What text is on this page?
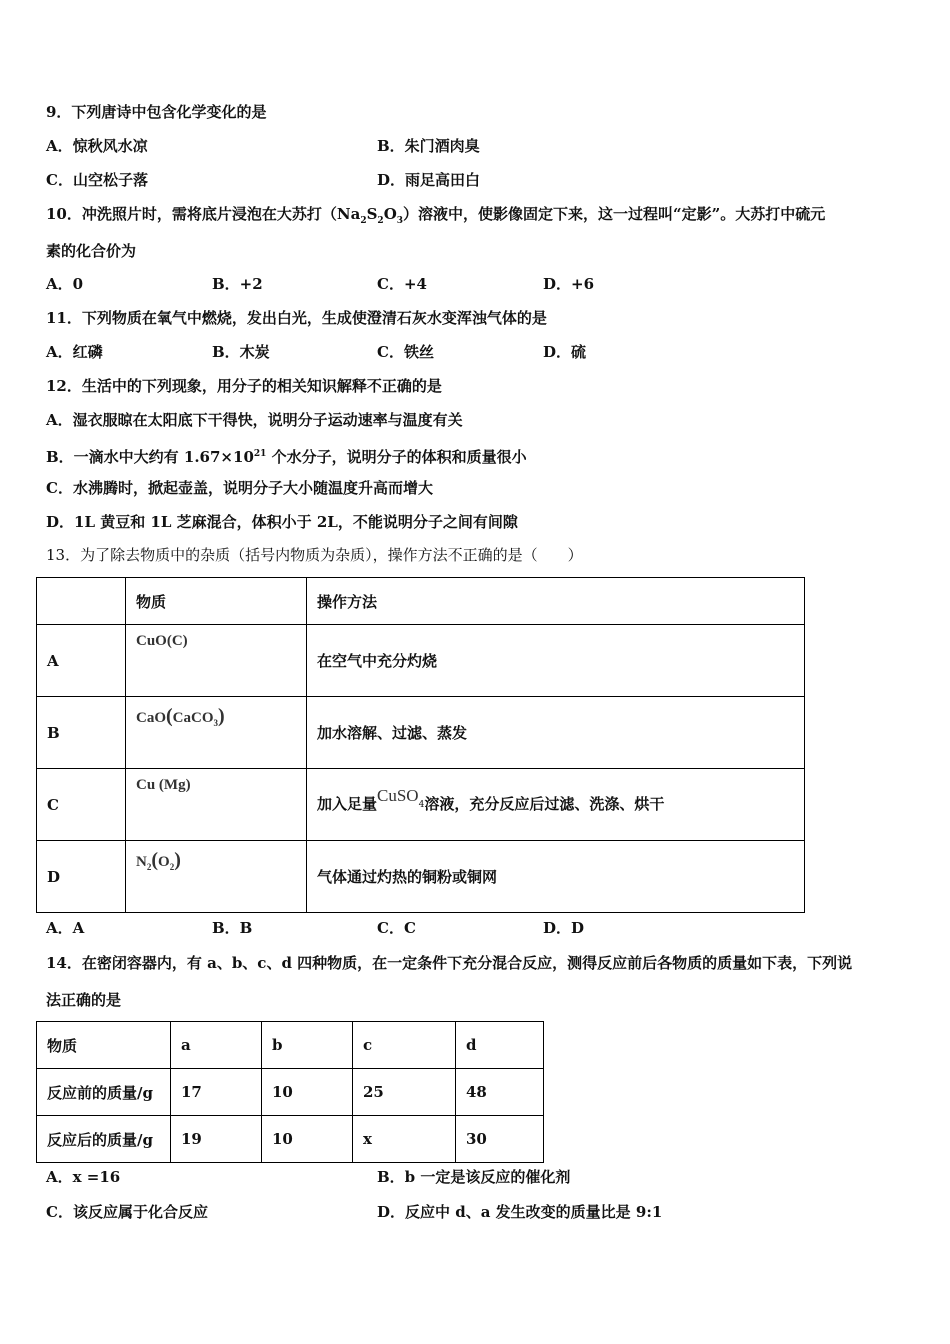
9．下列唐诗中包含化学变化的是
A．惊秋风水凉	B．朱门酒肉臭
C．山空松子落	D．雨足高田白
10．冲洗照片时，需将底片浸泡在大苏打$(Na_2S_2O_3)$溶液中，使影像固定下来，这一过程叫“定影”。大苏打中硫元
素的化合价为
A．0	B．+2	C．+4	D．+6
11．下列物质在氧气中燃烧，发出白光，生成使澄清石灰水变浑浊气体的是
A．红磷	B．木炭	C．铁丝	D．硫
12．生活中的下列现象，用分子的相关知识解释不正确的是
A．湿衣服晾在太阳底下干得快，说明分子运动速率与温度有关
B．一滴水中大约有 $1.67\times 10^{21}$ 个水分子，说明分子的体积和质量很小
C．水沸腾时，掀起壶盖，说明分子大小随温度升高而增大
D．1L 黄豆和 1L 芝麻混合，体积小于 2L，不能说明分子之间有间隙
13．为了除去物质中的杂质（括号内物质为杂质），操作方法不正确的是（　　）
	物质	操作方法
A	CuO(C)	在空气中充分灼烧
B	CaO(CaCO$_3$)	加水溶解、过滤、蒸发
C	Cu (Mg)	加入足量CuSO$_4$溶液，充分反应后过滤、洗涤、烘干
D	$N_2(O_2)$	气体通过灼热的铜粉或铜网
A．A	B．B	C．C	D．D
14．在密闭容器内，有 a、b、c、d 四种物质，在一定条件下充分混合反应，测得反应前后各物质的质量如下表，下列说
法正确的是
物质	a	b	c	d
反应前的质量/g	17	10	25	48
反应后的质量/g	19	10	x	30
A．x =16	B．b 一定是该反应的催化剂
C．该反应属于化合反应	D．反应中 d、a 发生改变的质量比是 9:1
